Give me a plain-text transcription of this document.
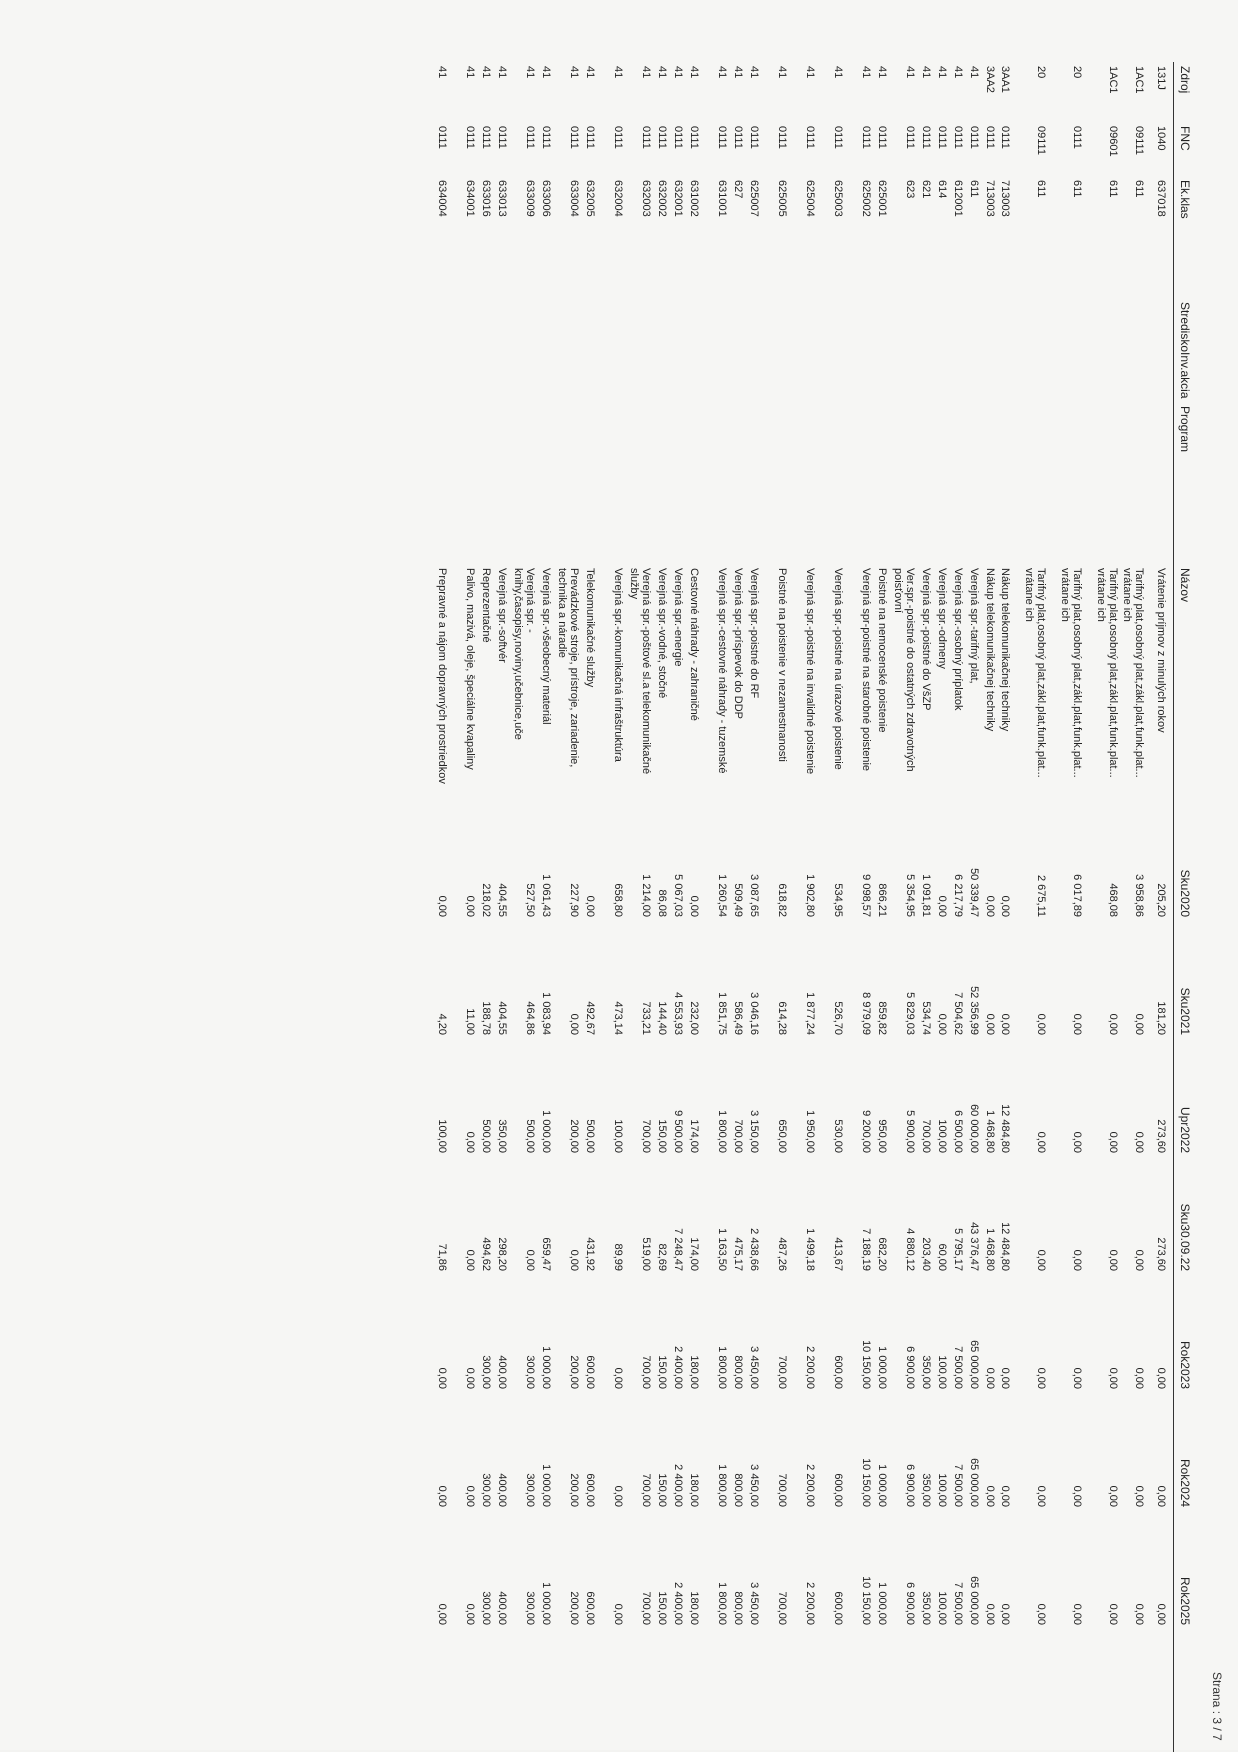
Strana : 3 / 7
Zdroj
FNC
Ek.klas
StrediskoInv.akcia
Program
Názov
Sku2020
Sku2021
Upr2022
Sku30.09.22
Rok2023
Rok2024
Rok2025
131J
1040
637018
Vrátenie príjmov z minulých rokov
205,20
181,20
273,60
273,60
0,00
0,00
0,00
1AC1
09111
611
Tarifný plat,osobný plat,zákl.plat,funk.plat... vrátane ich
3 958,86
0,00
0,00
0,00
0,00
0,00
0,00
1AC1
09601
611
Tarifný plat,osobný plat,zákl.plat,funk.plat... vrátane ich
468,08
0,00
0,00
0,00
0,00
0,00
0,00
20
0111
611
Tarifný plat,osobný plat,zákl.plat,funk.plat... vrátane ich
6 017,89
0,00
0,00
0,00
0,00
0,00
0,00
20
09111
611
Tarifný plat,osobný plat,zákl.plat,funk.plat... vrátane ich
2 675,11
0,00
0,00
0,00
0,00
0,00
0,00
3AA1
0111
713003
Nákup telekomunikačnej techniky
0,00
0,00
12 484,80
12 484,80
0,00
0,00
0,00
3AA2
0111
713003
Nákup telekomunikačnej techniky
0,00
0,00
1 468,80
1 468,80
0,00
0,00
0,00
41
0111
611
Verejná spr.-tarifný plat,
50 339,47
52 356,99
60 000,00
43 376,47
65 000,00
65 000,00
65 000,00
41
0111
612001
Verejná spr.-osobný príplatok
6 217,79
7 504,62
6 500,00
5 795,17
7 500,00
7 500,00
7 500,00
41
0111
614
Verejná spr.-odmeny
0,00
0,00
100,00
60,00
100,00
100,00
100,00
41
0111
621
Verejná spr.-poistné do VšZP
1 091,81
534,74
700,00
203,40
350,00
350,00
350,00
41
0111
623
Ver.spr.-poistné do ostatných zdravotných poisťovní
5 354,95
5 829,03
5 900,00
4 880,12
6 900,00
6 900,00
6 900,00
41
0111
625001
Poistné na nemocenské poistenie
866,21
859,82
950,00
682,20
1 000,00
1 000,00
1 000,00
41
0111
625002
Verejná spr-poistné na starobné poistenie
9 098,57
8 979,09
9 200,00
7 188,19
10 150,00
10 150,00
10 150,00
41
0111
625003
Verejná spr.-poistné na úrazové poistenie
534,95
526,70
530,00
413,67
600,00
600,00
600,00
41
0111
625004
Verejná spr.-poistné na invalidné poistenie
1 902,80
1 877,24
1 950,00
1 499,18
2 200,00
2 200,00
2 200,00
41
0111
625005
Poistné na poistenie v nezamestnanosti
618,82
614,28
650,00
487,26
700,00
700,00
700,00
41
0111
625007
Verejná spr.-poistné do RF
3 087,65
3 046,16
3 150,00
2 438,66
3 450,00
3 450,00
3 450,00
41
0111
627
Verejná spr.-príspevok do DDP
509,49
586,49
700,00
475,17
800,00
800,00
800,00
41
0111
631001
Verejná spr.-cestovné náhrady - tuzemské
1 260,54
1 851,75
1 800,00
1 163,50
1 800,00
1 800,00
1 800,00
41
0111
631002
Cestovné náhrady - zahraničné
0,00
232,00
174,00
174,00
180,00
180,00
180,00
41
0111
632001
Verejná spr.-energie
5 067,03
4 553,93
9 500,00
7 248,47
2 400,00
2 400,00
2 400,00
41
0111
632002
Verejná spr.-vodné, stočné
86,08
144,40
150,00
82,69
150,00
150,00
150,00
41
0111
632003
Verejná spr.-poštové sl.a telekomunikačné služby
1 214,00
733,21
700,00
519,00
700,00
700,00
700,00
41
0111
632004
Verejná spr.-komunikačná infraštruktúra
658,80
473,14
100,00
89,99
0,00
0,00
0,00
41
0111
632005
Telekomunikačné služby
0,00
492,67
500,00
431,92
600,00
600,00
600,00
41
0111
633004
Prevádzkové stroje, prístroje, zariadenie, technika a náradie
227,90
0,00
200,00
0,00
200,00
200,00
200,00
41
0111
633006
Verejná spr.-všeobecný materiál
1 061,43
1 083,94
1 000,00
659,47
1 000,00
1 000,00
1 000,00
41
0111
633009
Verejná spr. -knihy,časopisy,noviny,učebnice,uče
527,50
464,86
500,00
0,00
300,00
300,00
300,00
41
0111
633013
Verejná spr.-softvér
404,55
404,55
350,00
298,20
400,00
400,00
400,00
41
0111
633016
Reprezentačné
218,02
188,78
500,00
494,62
300,00
300,00
300,00
41
0111
634001
Palivo, mazivá, oleje, špeciálne kvapaliny
0,00
11,00
0,00
0,00
0,00
0,00
0,00
41
0111
634004
Prepravné a nájom dopravných prostriedkov
0,00
4,20
100,00
71,86
0,00
0,00
0,00
